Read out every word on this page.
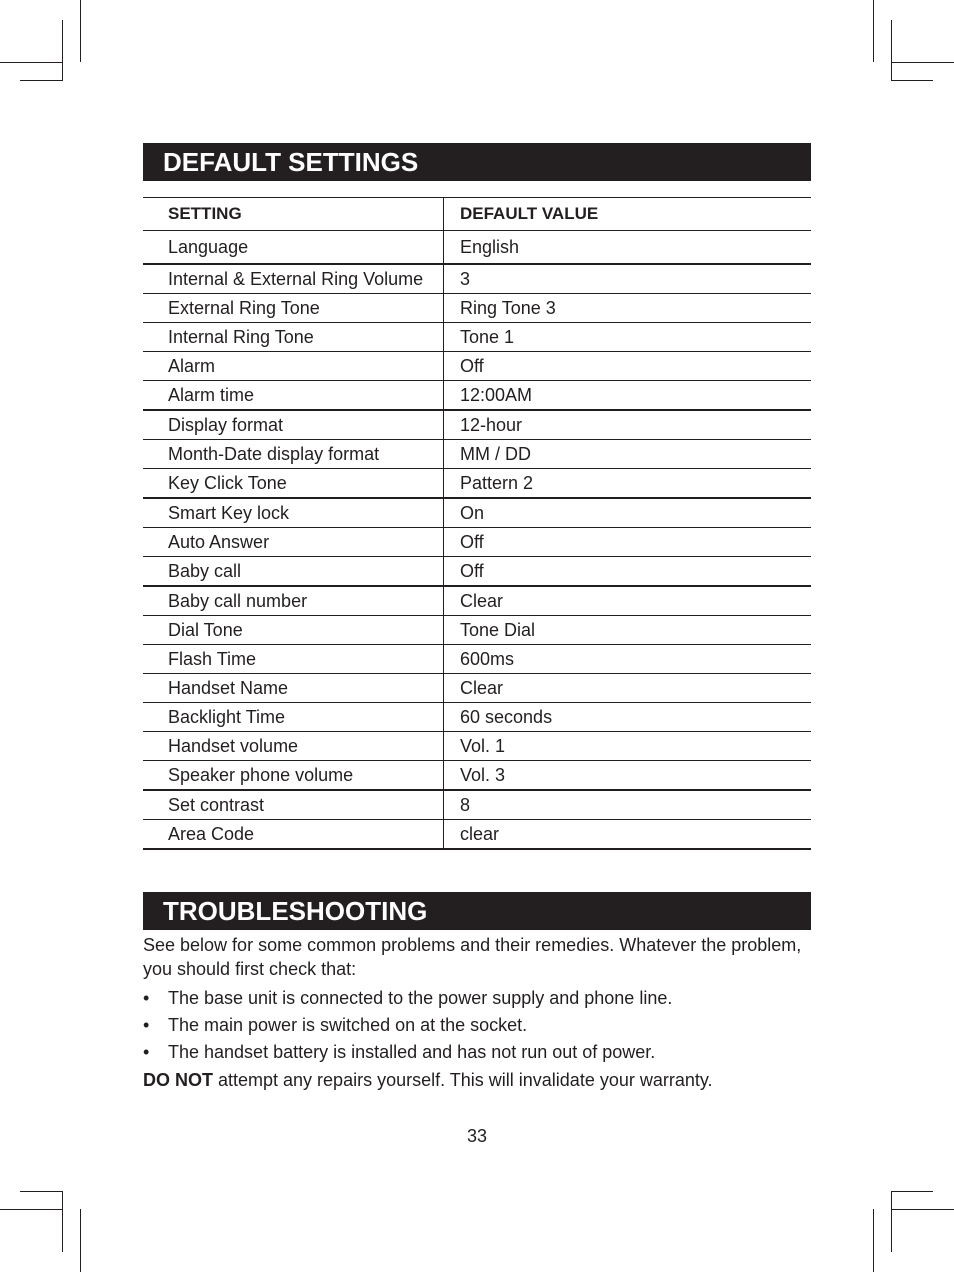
DEFAULT SETTINGS
SETTING	DEFAULT VALUE
Language	English
Internal & External Ring Volume	3
External Ring Tone	Ring Tone 3
Internal Ring Tone	Tone 1
Alarm	Off
Alarm time	12:00AM
Display format	12-hour
Month-Date display format	MM / DD
Key Click Tone	Pattern 2
Smart Key lock	On
Auto Answer	Off
Baby call	Off
Baby call number	Clear
Dial Tone	Tone Dial
Flash Time	600ms
Handset Name	Clear
Backlight Time	60 seconds
Handset volume	Vol. 1
Speaker phone volume	Vol. 3
Set contrast	8
Area Code	clear
TROUBLESHOOTING

See below for some common problems and their remedies. Whatever the problem, you should first check that:

• The base unit is connected to the power supply and phone line.
• The main power is switched on at the socket.
• The handset battery is installed and has not run out of power.

DO NOT attempt any repairs yourself. This will invalidate your warranty.

33
